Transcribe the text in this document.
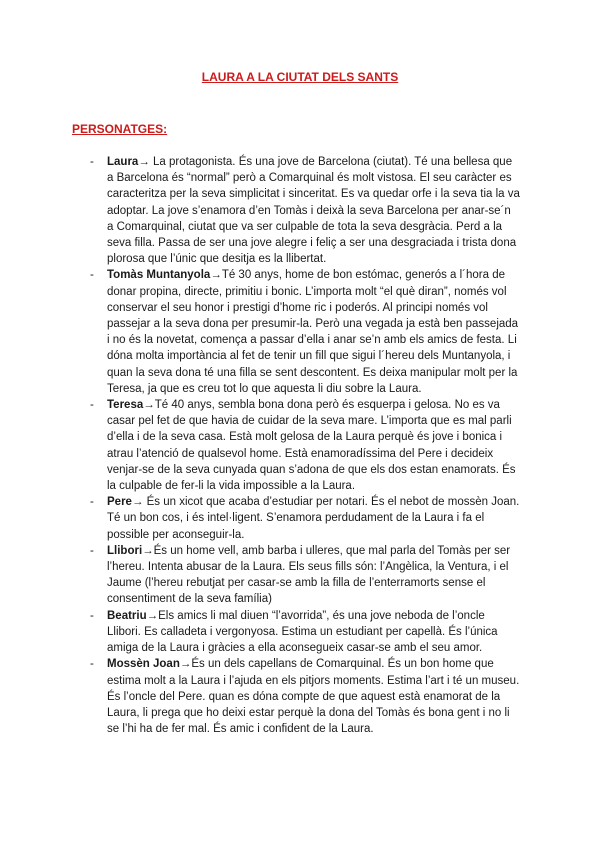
LAURA A LA CIUTAT DELS SANTS
PERSONATGES:
- Laura→ La protagonista. És una jove de Barcelona (ciutat). Té una bellesa que a Barcelona és “normal” però a Comarquinal és molt vistosa. El seu caràcter es caracteritza per la seva simplicitat i sinceritat. Es va quedar orfe i la seva tia la va adoptar. La jove s’enamora d’en Tomàs i deixà la seva Barcelona per anar-se´n a Comarquinal, ciutat que va ser culpable de tota la seva desgràcia. Perd a la seva filla. Passa de ser una jove alegre i feliç a ser una desgraciada i trista dona plorosa que l’únic que desitja es la llibertat.
- Tomàs Muntanyola→Té 30 anys, home de bon estómac, generós a l´hora de donar propina, directe, primitiu i bonic. L’importa molt “el què diran”, només vol conservar el seu honor i prestigi d’home ric i poderós. Al principi només vol passejar a la seva dona per presumir-la. Però una vegada ja està ben passejada i no és la novetat, comença a passar d’ella i anar se’n amb els amics de festa. Li dóna molta importància al fet de tenir un fill que sigui l´hereu dels Muntanyola, i quan la seva dona té una filla se sent descontent. Es deixa manipular molt per la Teresa, ja que es creu tot lo que aquesta li diu sobre la Laura.
- Teresa→Té 40 anys, sembla bona dona però és esquerpa i gelosa. No es va casar pel fet de que havia de cuidar de la seva mare. L’importa que es mal parli d’ella i de la seva casa. Està molt gelosa de la Laura perquè és jove i bonica i atrau l’atenció de qualsevol home. Està enamoradíssima del Pere i decideix venjar-se de la seva cunyada quan s’adona de que els dos estan enamorats. És la culpable de fer-li la vida impossible a la Laura.
- Pere→ És un xicot que acaba d’estudiar per notari. És el nebot de mossèn Joan. Té un bon cos, i és intel·ligent. S’enamora perdudament de la Laura i fa el possible per aconseguir-la.
- Llibori→És un home vell, amb barba i ulleres, que mal parla del Tomàs per ser l’hereu. Intenta abusar de la Laura. Els seus fills són: l’Angèlica, la Ventura, i el Jaume (l’hereu rebutjat per casar-se amb la filla de l’enterramorts sense el consentiment de la seva família)
- Beatriu→Els amics li mal diuen “l’avorrida”, és una jove neboda de l’oncle Llibori. Es calladeta i vergonyosa. Estima un estudiant per capellà. És l’única amiga de la Laura i gràcies a ella aconsegueix casar-se amb el seu amor.
- Mossèn Joan→És un dels capellans de Comarquinal. És un bon home que estima molt a la Laura i l’ajuda en els pitjors moments. Estima l’art i té un museu. És l’oncle del Pere. quan es dóna compte de que aquest està enamorat de la Laura, li prega que ho deixi estar perquè la dona del Tomàs és bona gent i no li se l’hi ha de fer mal. És amic i confident de la Laura.
